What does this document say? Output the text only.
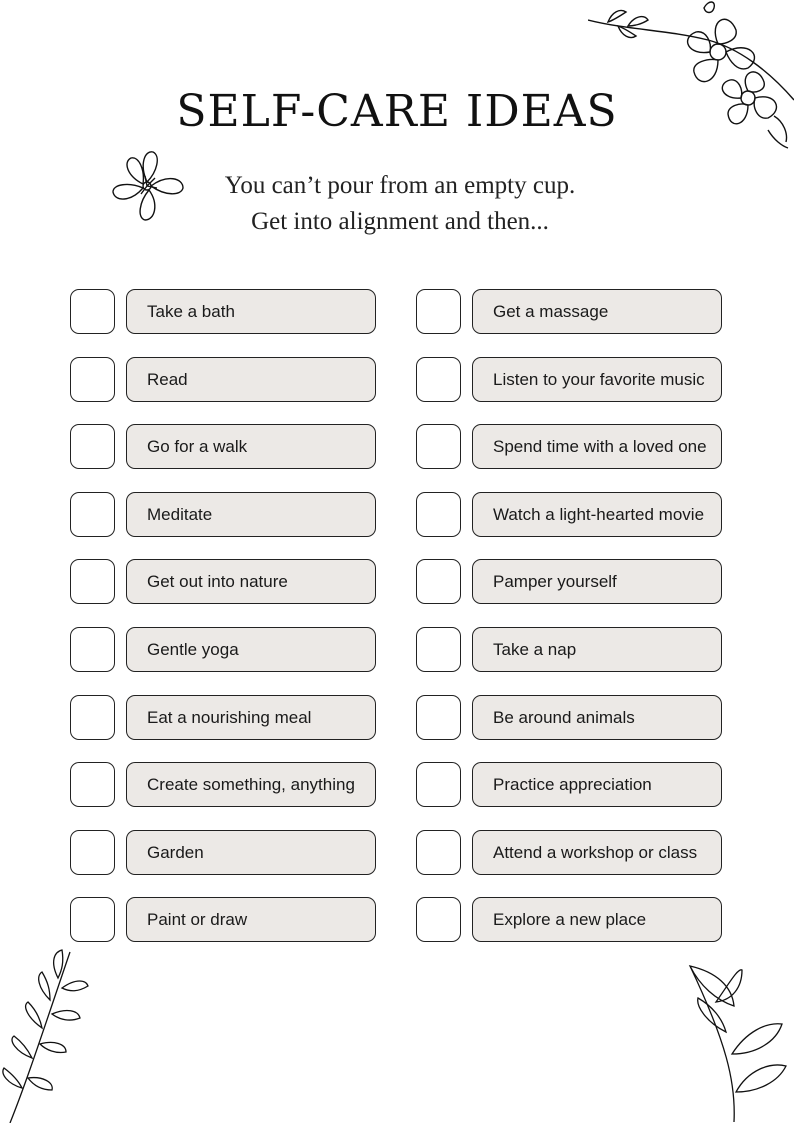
SELF-CARE IDEAS
You can’t pour from an empty cup.
Get into alignment and then...
Take a bath
Read
Go for a walk
Meditate
Get out into nature
Gentle yoga
Eat a nourishing meal
Create something, anything
Garden
Paint or draw
Get a massage
Listen to your favorite music
Spend time with a loved one
Watch a light-hearted movie
Pamper yourself
Take a nap
Be around animals
Practice appreciation
Attend a workshop or class
Explore a new place
